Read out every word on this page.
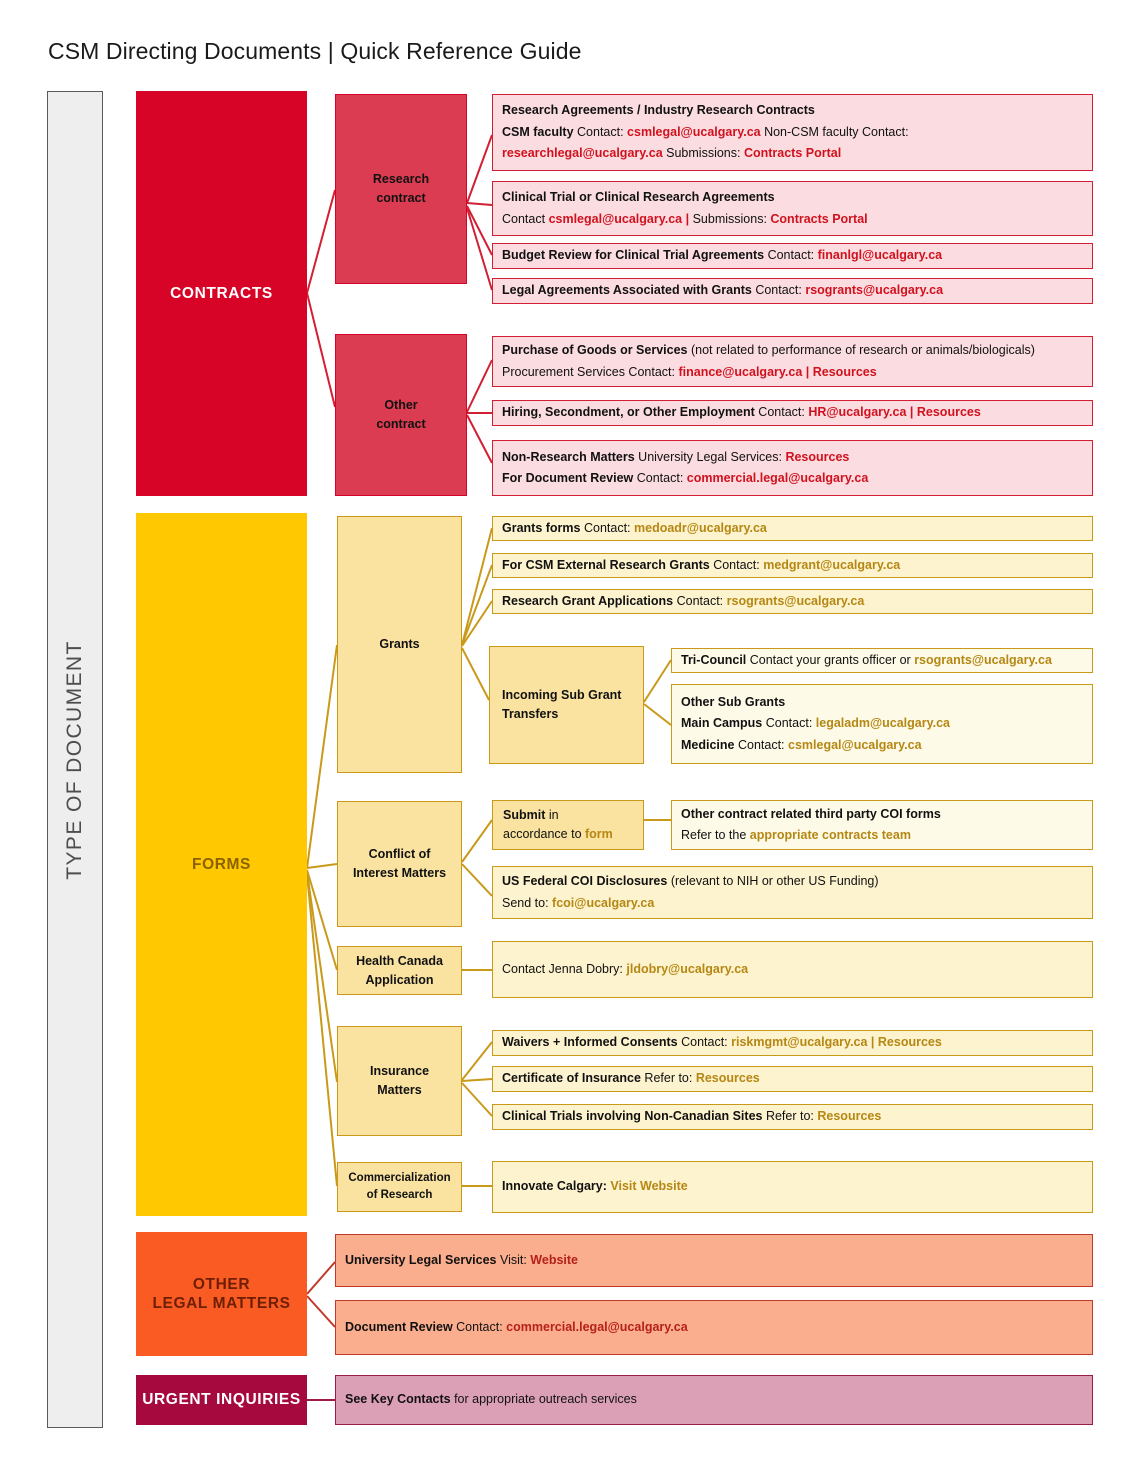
CSM Directing Documents | Quick Reference Guide
TYPE OF DOCUMENT
CONTRACTS
Research
contract
Other
contract
Research Agreements / Industry Research Contracts
CSM faculty Contact: csmlegal@ucalgary.ca Non-CSM faculty Contact:
researchlegal@ucalgary.ca Submissions: Contracts Portal
Clinical Trial or Clinical Research Agreements
Contact csmlegal@ucalgary.ca | Submissions: Contracts Portal
Budget Review for Clinical Trial Agreements Contact: finanlgl@ucalgary.ca
Legal Agreements Associated with Grants Contact: rsogrants@ucalgary.ca
Purchase of Goods or Services (not related to performance of research or animals/biologicals)
Procurement Services Contact: finance@ucalgary.ca | Resources
Hiring, Secondment, or Other Employment Contact: HR@ucalgary.ca | Resources
Non-Research Matters University Legal Services: Resources
For Document Review Contact: commercial.legal@ucalgary.ca
FORMS
Grants
Incoming Sub Grant
Transfers
Conflict of
Interest Matters
Submit in
accordance to form
Health Canada
Application
Insurance
Matters
Commercialization
of Research
Grants forms Contact: medoadr@ucalgary.ca
For CSM External Research Grants Contact: medgrant@ucalgary.ca
Research Grant Applications Contact: rsogrants@ucalgary.ca
Tri-Council Contact your grants officer or rsogrants@ucalgary.ca
Other Sub Grants
Main Campus Contact: legaladm@ucalgary.ca
Medicine Contact: csmlegal@ucalgary.ca
Other contract related third party COI forms
Refer to the appropriate contracts team
US Federal COI Disclosures (relevant to NIH or other US Funding)
Send to: fcoi@ucalgary.ca
Contact Jenna Dobry: jldobry@ucalgary.ca
Waivers + Informed Consents Contact: riskmgmt@ucalgary.ca | Resources
Certificate of Insurance Refer to: Resources
Clinical Trials involving Non-Canadian Sites Refer to: Resources
Innovate Calgary: Visit Website
OTHER
LEGAL MATTERS
University Legal Services Visit: Website
Document Review Contact: commercial.legal@ucalgary.ca
URGENT INQUIRIES	See Key Contacts for appropriate outreach services
